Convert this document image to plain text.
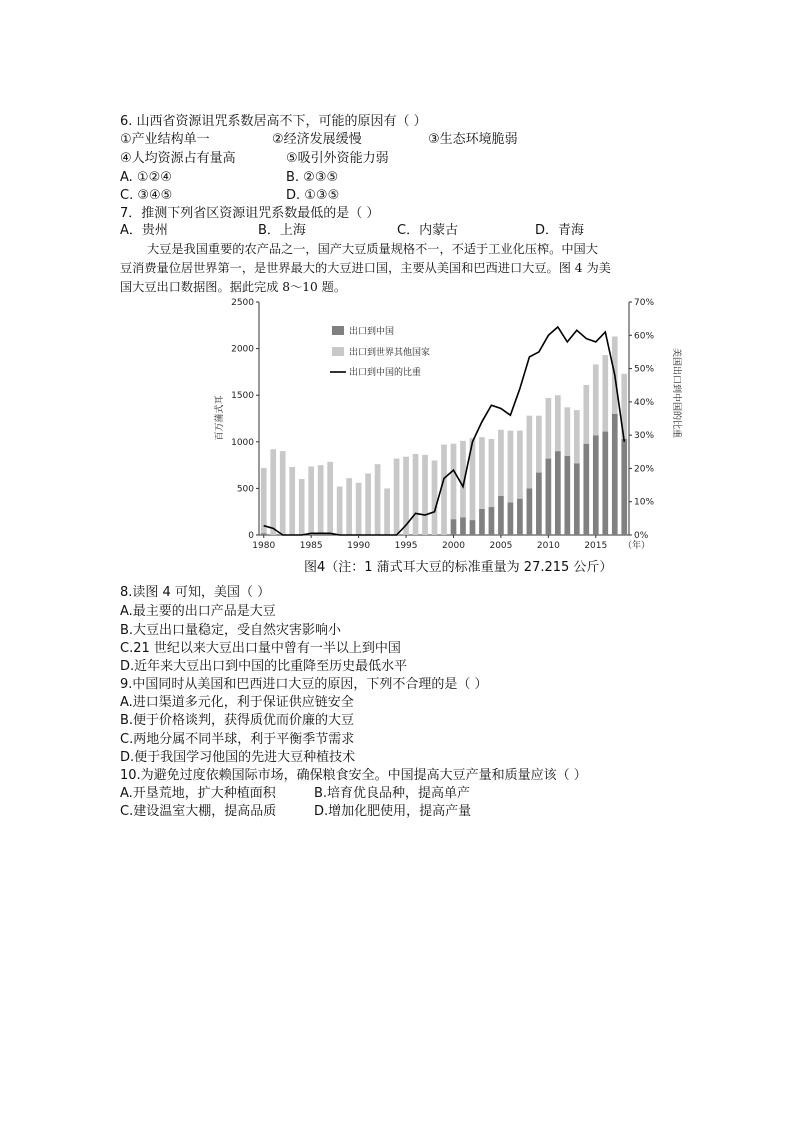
6. 山西省资源诅咒系数居高不下，可能的原因有（ ）
①产业结构单一	②经济发展缓慢	③生态环境脆弱
④人均资源占有量高	⑤吸引外资能力弱
A. ①②④	B. ②③⑤
C. ③④⑤	D. ①③⑤
7．推测下列省区资源诅咒系数最低的是（ ）
A．贵州	B．上海	C．内蒙古	D．青海
大豆是我国重要的农产品之一，国产大豆质量规格不一，不适于工业化压榨。中国大
豆消费量位居世界第一，是世界最大的大豆进口国，主要从美国和巴西进口大豆。图 4 为美
国大豆出口数据图。据此完成 8～10 题。
0
500
1000
1500
2000
2500
0%
10%
20%
30%
40%
50%
60%
70%
1980	1985	1990	1995	2000	2005	2010	2015 （年）
百万蒲式耳	美国出口到中国的比重
出口到中国
出口到世界其他国家
出口到中国的比重
图4（注：1 蒲式耳大豆的标准重量为 27.215 公斤）
8.读图 4 可知，美国（ ）
A.最主要的出口产品是大豆
B.大豆出口量稳定，受自然灾害影响小
C.21 世纪以来大豆出口量中曾有一半以上到中国
D.近年来大豆出口到中国的比重降至历史最低水平
9.中国同时从美国和巴西进口大豆的原因，下列不合理的是（ ）
A.进口渠道多元化，利于保证供应链安全
B.便于价格谈判，获得质优而价廉的大豆
C.两地分属不同半球，利于平衡季节需求
D.便于我国学习他国的先进大豆种植技术
10.为避免过度依赖国际市场，确保粮食安全。中国提高大豆产量和质量应该（ ）
A.开垦荒地，扩大种植面积	B.培育优良品种，提高单产
C.建设温室大棚，提高品质	D.增加化肥使用，提高产量
